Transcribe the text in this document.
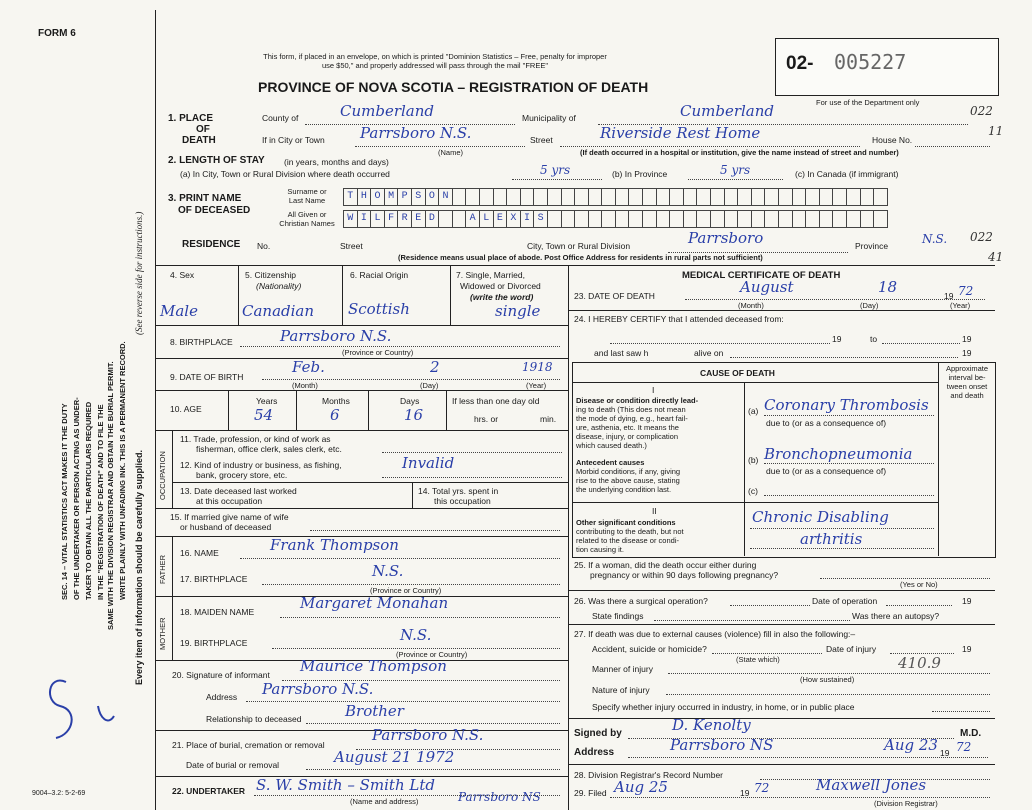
FORM 6
This form, if placed in an envelope, on which is printed "Dominion Statistics – Free, penalty for improper
use $50," and properly addressed will pass through the mail "FREE"
PROVINCE OF NOVA SCOTIA – REGISTRATION OF DEATH
02- 005227
For use of the Department only
022
11
SEC. 14 – VITAL STATISTICS ACT MAKES IT THE DUTY OF THE UNDERTAKER OR PERSON ACTING AS UNDER- TAKER TO OBTAIN ALL THE PARTICULARS REQUIRED IN THE "REGISTRATION OF DEATH" AND TO FILE THE SAME WITH THE DIVISION REGISTRAR AND OBTAIN THE BURIAL PERMIT. WRITE PLAINLY WITH UNFADING INK. THIS IS A PERMANENT RECORD.
(See reverse side for instructions.)
Every item of information should be carefully supplied.
9004–3.2: 5-2-69
1. PLACE
OF
DEATH
County of	Cumberland	Municipality of	Cumberland
If in City or Town Parrsboro N.S.
(Name)
Street	Riverside Rest Home	House No.
(If death occurred in a hospital or institution, give the name instead of street and number)
2. LENGTH OF STAY (in years, months and days)
(a) In City, Town or Rural Division where death occurred	5 yrs	(b) In Province	5 yrs	(c) In Canada (if immigrant)
3. PRINT NAME
OF DECEASED
Surname or
Last Name
All Given or
Christian Names
T H O M P S O N
W I L F R E D	A L E X I S
RESIDENCE No.	Street	City, Town or Rural Division	Parrsboro	Province	N.S. 022
41
(Residence means usual place of abode. Post Office Address for residents in rural parts not sufficient)
4. Sex
Male
5. Citizenship
(Nationality)
Canadian
6. Racial Origin
Scottish
7. Single, Married,
Widowed or Divorced
(write the word)
single
8. BIRTHPLACE	Parrsboro N.S.
(Province or Country)
9. DATE OF BIRTH
Feb.	2	1918
(Month)	(Day)	(Year)
10. AGE
Years
54
Months
6
Days
16
If less than one day old
hrs. or	min.
OCCUPATION
11. Trade, profession, or kind of work as
fisherman, office clerk, sales clerk, etc.
12. Kind of industry or business, as fishing,
bank, grocery store, etc.
Invalid
13. Date deceased last worked
at this occupation
14. Total yrs. spent in
this occupation
15. If married give name of wife
or husband of deceased
FATHER
16. NAME	Frank Thompson
17. BIRTHPLACE	N.S.
(Province or Country)
MOTHER
18. MAIDEN NAME	Margaret Monahan
19. BIRTHPLACE	N.S.
(Province or Country)
20. Signature of informant Maurice Thompson
Address Parrsboro N.S.
Relationship to deceased	Brother
21. Place of burial, cremation or removal
Parrsboro N.S.
Date of burial or removal	August 21 1972
22. UNDERTAKER S. W. Smith – Smith Ltd
Parrsboro NS
(Name and address)
MEDICAL CERTIFICATE OF DEATH
23. DATE OF DEATH	August	18	19 72
(Month)	(Day)	(Year)
24. I HEREBY CERTIFY that I attended deceased from:
19	to	19
and last saw h	alive on	19
CAUSE OF DEATH	Approximate
interval be-
tween onset
and death
I
Disease or condition directly lead-
ing to death (This does not mean
the mode of dying, e.g., heart fail-
ure, asthenia, etc. It means the
disease, injury, or complication
which caused death.)
(a) Coronary Thrombosis
due to (or as a consequence of)
Antecedent causes
Morbid conditions, if any, giving
rise to the above cause, stating
the underlying condition last.
(b) Bronchopneumonia
due to (or as a consequence of)
(c)
II
Other significant conditions
contributing to the death, but not
related to the disease or condi-
tion causing it.
Chronic Disabling
arthritis
25. If a woman, did the death occur either during
pregnancy or within 90 days following pregnancy?
(Yes or No)
26. Was there a surgical operation?	Date of operation	19
State findings	Was there an autopsy?
27. If death was due to external causes (violence) fill in also the following:–
Accident, suicide or homicide?	Date of injury	19
(State which)
Manner of injury	410.9
(How sustained)
Nature of injury
Specify whether injury occurred in industry, in home, or in public place
Signed by	D. Kenolty	M.D.
Address	Parrsboro NS	Aug 23 19 72
28. Division Registrar's Record Number
29. Filed Aug 25	19 72	Maxwell Jones
(Division Registrar)
